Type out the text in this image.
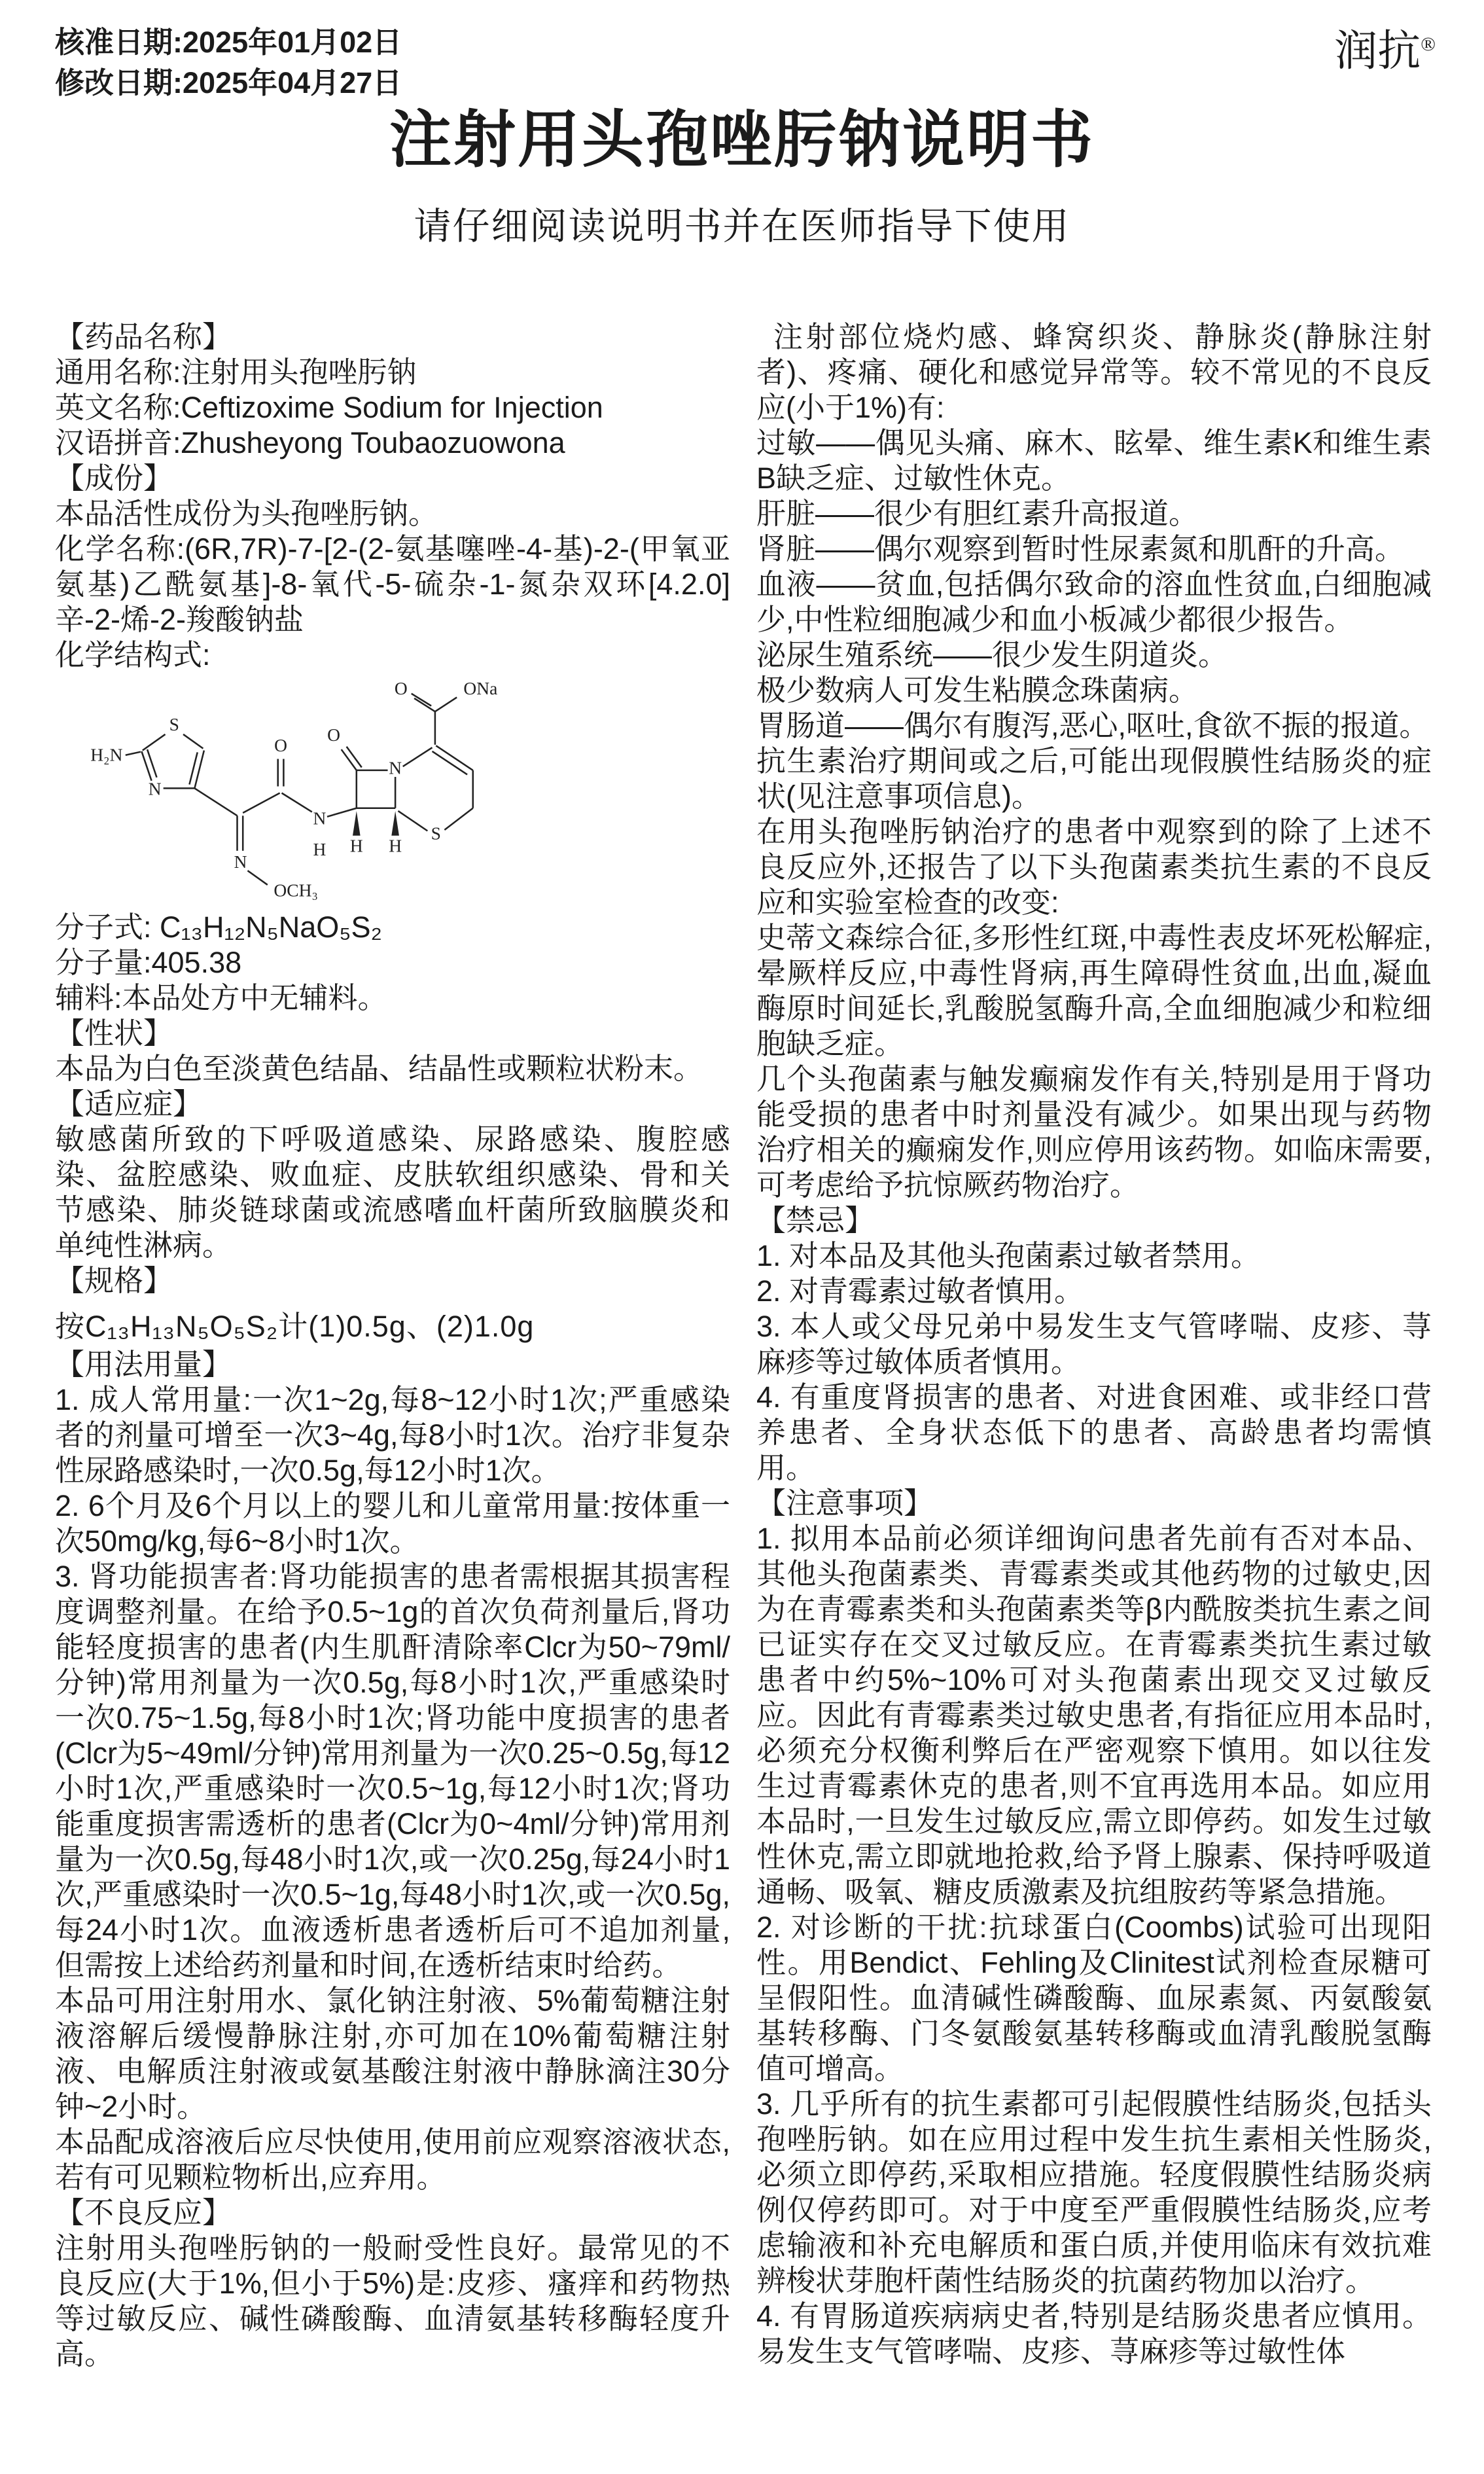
核准日期:2025年01月02日
修改日期:2025年04月27日
润抗®
注射用头孢唑肟钠说明书
请仔细阅读说明书并在医师指导下使用

【药品名称】

通用名称:注射用头孢唑肟钠

英文名称:Ceftizoxime Sodium for Injection

汉语拼音:Zhusheyong Toubaozuowona

【成份】

本品活性成份为头孢唑肟钠。

化学名称:(6R,7R)-7-[2-(2-氨基噻唑-4-基)-2-(甲氧亚氨基)乙酰氨基]-8-氧代-5-硫杂-1-氮杂双环[4.2.0]辛-2-烯-2-羧酸钠盐

化学结构式:

S
N
H₂N
N
OCH₃
O
N
H
O
N
S
O ONa
H H

分子式: C₁₃H₁₂N₅NaO₅S₂

分子量:405.38

辅料:本品处方中无辅料。

【性状】

本品为白色至淡黄色结晶、结晶性或颗粒状粉末。

【适应症】

敏感菌所致的下呼吸道感染、尿路感染、腹腔感染、盆腔感染、败血症、皮肤软组织感染、骨和关节感染、肺炎链球菌或流感嗜血杆菌所致脑膜炎和单纯性淋病。

【规格】

按C₁₃H₁₃N₅O₅S₂计(1)0.5g、(2)1.0g

【用法用量】

1. 成人常用量:一次1~2g,每8~12小时1次;严重感染者的剂量可增至一次3~4g,每8小时1次。治疗非复杂性尿路感染时,一次0.5g,每12小时1次。

2. 6个月及6个月以上的婴儿和儿童常用量:按体重一次50mg/kg,每6~8小时1次。

3. 肾功能损害者:肾功能损害的患者需根据其损害程度调整剂量。在给予0.5~1g的首次负荷剂量后,肾功能轻度损害的患者(内生肌酐清除率Clcr为50~79ml/分钟)常用剂量为一次0.5g,每8小时1次,严重感染时一次0.75~1.5g,每8小时1次;肾功能中度损害的患者(Clcr为5~49ml/分钟)常用剂量为一次0.25~0.5g,每12小时1次,严重感染时一次0.5~1g,每12小时1次;肾功能重度损害需透析的患者(Clcr为0~4ml/分钟)常用剂量为一次0.5g,每48小时1次,或一次0.25g,每24小时1次,严重感染时一次0.5~1g,每48小时1次,或一次0.5g,每24小时1次。血液透析患者透析后可不追加剂量,但需按上述给药剂量和时间,在透析结束时给药。

本品可用注射用水、氯化钠注射液、5%葡萄糖注射液溶解后缓慢静脉注射,亦可加在10%葡萄糖注射液、电解质注射液或氨基酸注射液中静脉滴注30分钟~2小时。

本品配成溶液后应尽快使用,使用前应观察溶液状态,若有可见颗粒物析出,应弃用。

【不良反应】

注射用头孢唑肟钠的一般耐受性良好。最常见的不良反应(大于1%,但小于5%)是:皮疹、瘙痒和药物热等过敏反应、碱性磷酸酶、血清氨基转移酶轻度升高。

注射部位烧灼感、蜂窝织炎、静脉炎(静脉注射者)、疼痛、硬化和感觉异常等。较不常见的不良反应(小于1%)有:

过敏——偶见头痛、麻木、眩晕、维生素K和维生素B缺乏症、过敏性休克。

肝脏——很少有胆红素升高报道。

肾脏——偶尔观察到暂时性尿素氮和肌酐的升高。

血液——贫血,包括偶尔致命的溶血性贫血,白细胞减少,中性粒细胞减少和血小板减少都很少报告。

泌尿生殖系统——很少发生阴道炎。

极少数病人可发生粘膜念珠菌病。

胃肠道——偶尔有腹泻,恶心,呕吐,食欲不振的报道。

抗生素治疗期间或之后,可能出现假膜性结肠炎的症状(见注意事项信息)。

在用头孢唑肟钠治疗的患者中观察到的除了上述不良反应外,还报告了以下头孢菌素类抗生素的不良反应和实验室检查的改变:

史蒂文森综合征,多形性红斑,中毒性表皮坏死松解症,晕厥样反应,中毒性肾病,再生障碍性贫血,出血,凝血酶原时间延长,乳酸脱氢酶升高,全血细胞减少和粒细胞缺乏症。

几个头孢菌素与触发癫痫发作有关,特别是用于肾功能受损的患者中时剂量没有减少。如果出现与药物治疗相关的癫痫发作,则应停用该药物。如临床需要,可考虑给予抗惊厥药物治疗。

【禁忌】

1. 对本品及其他头孢菌素过敏者禁用。

2. 对青霉素过敏者慎用。

3. 本人或父母兄弟中易发生支气管哮喘、皮疹、荨麻疹等过敏体质者慎用。

4. 有重度肾损害的患者、对进食困难、或非经口营养患者、全身状态低下的患者、高龄患者均需慎用。

【注意事项】

1. 拟用本品前必须详细询问患者先前有否对本品、其他头孢菌素类、青霉素类或其他药物的过敏史,因为在青霉素类和头孢菌素类等β内酰胺类抗生素之间已证实存在交叉过敏反应。在青霉素类抗生素过敏患者中约5%~10%可对头孢菌素出现交叉过敏反应。因此有青霉素类过敏史患者,有指征应用本品时,必须充分权衡利弊后在严密观察下慎用。如以往发生过青霉素休克的患者,则不宜再选用本品。如应用本品时,一旦发生过敏反应,需立即停药。如发生过敏性休克,需立即就地抢救,给予肾上腺素、保持呼吸道通畅、吸氧、糖皮质激素及抗组胺药等紧急措施。

2. 对诊断的干扰:抗球蛋白(Coombs)试验可出现阳性。用Bendict、Fehling及Clinitest试剂检查尿糖可呈假阳性。血清碱性磷酸酶、血尿素氮、丙氨酸氨基转移酶、门冬氨酸氨基转移酶或血清乳酸脱氢酶值可增高。

3. 几乎所有的抗生素都可引起假膜性结肠炎,包括头孢唑肟钠。如在应用过程中发生抗生素相关性肠炎,必须立即停药,采取相应措施。轻度假膜性结肠炎病例仅停药即可。对于中度至严重假膜性结肠炎,应考虑输液和补充电解质和蛋白质,并使用临床有效抗难辨梭状芽胞杆菌性结肠炎的抗菌药物加以治疗。

4. 有胃肠道疾病病史者,特别是结肠炎患者应慎用。易发生支气管哮喘、皮疹、荨麻疹等过敏性体
